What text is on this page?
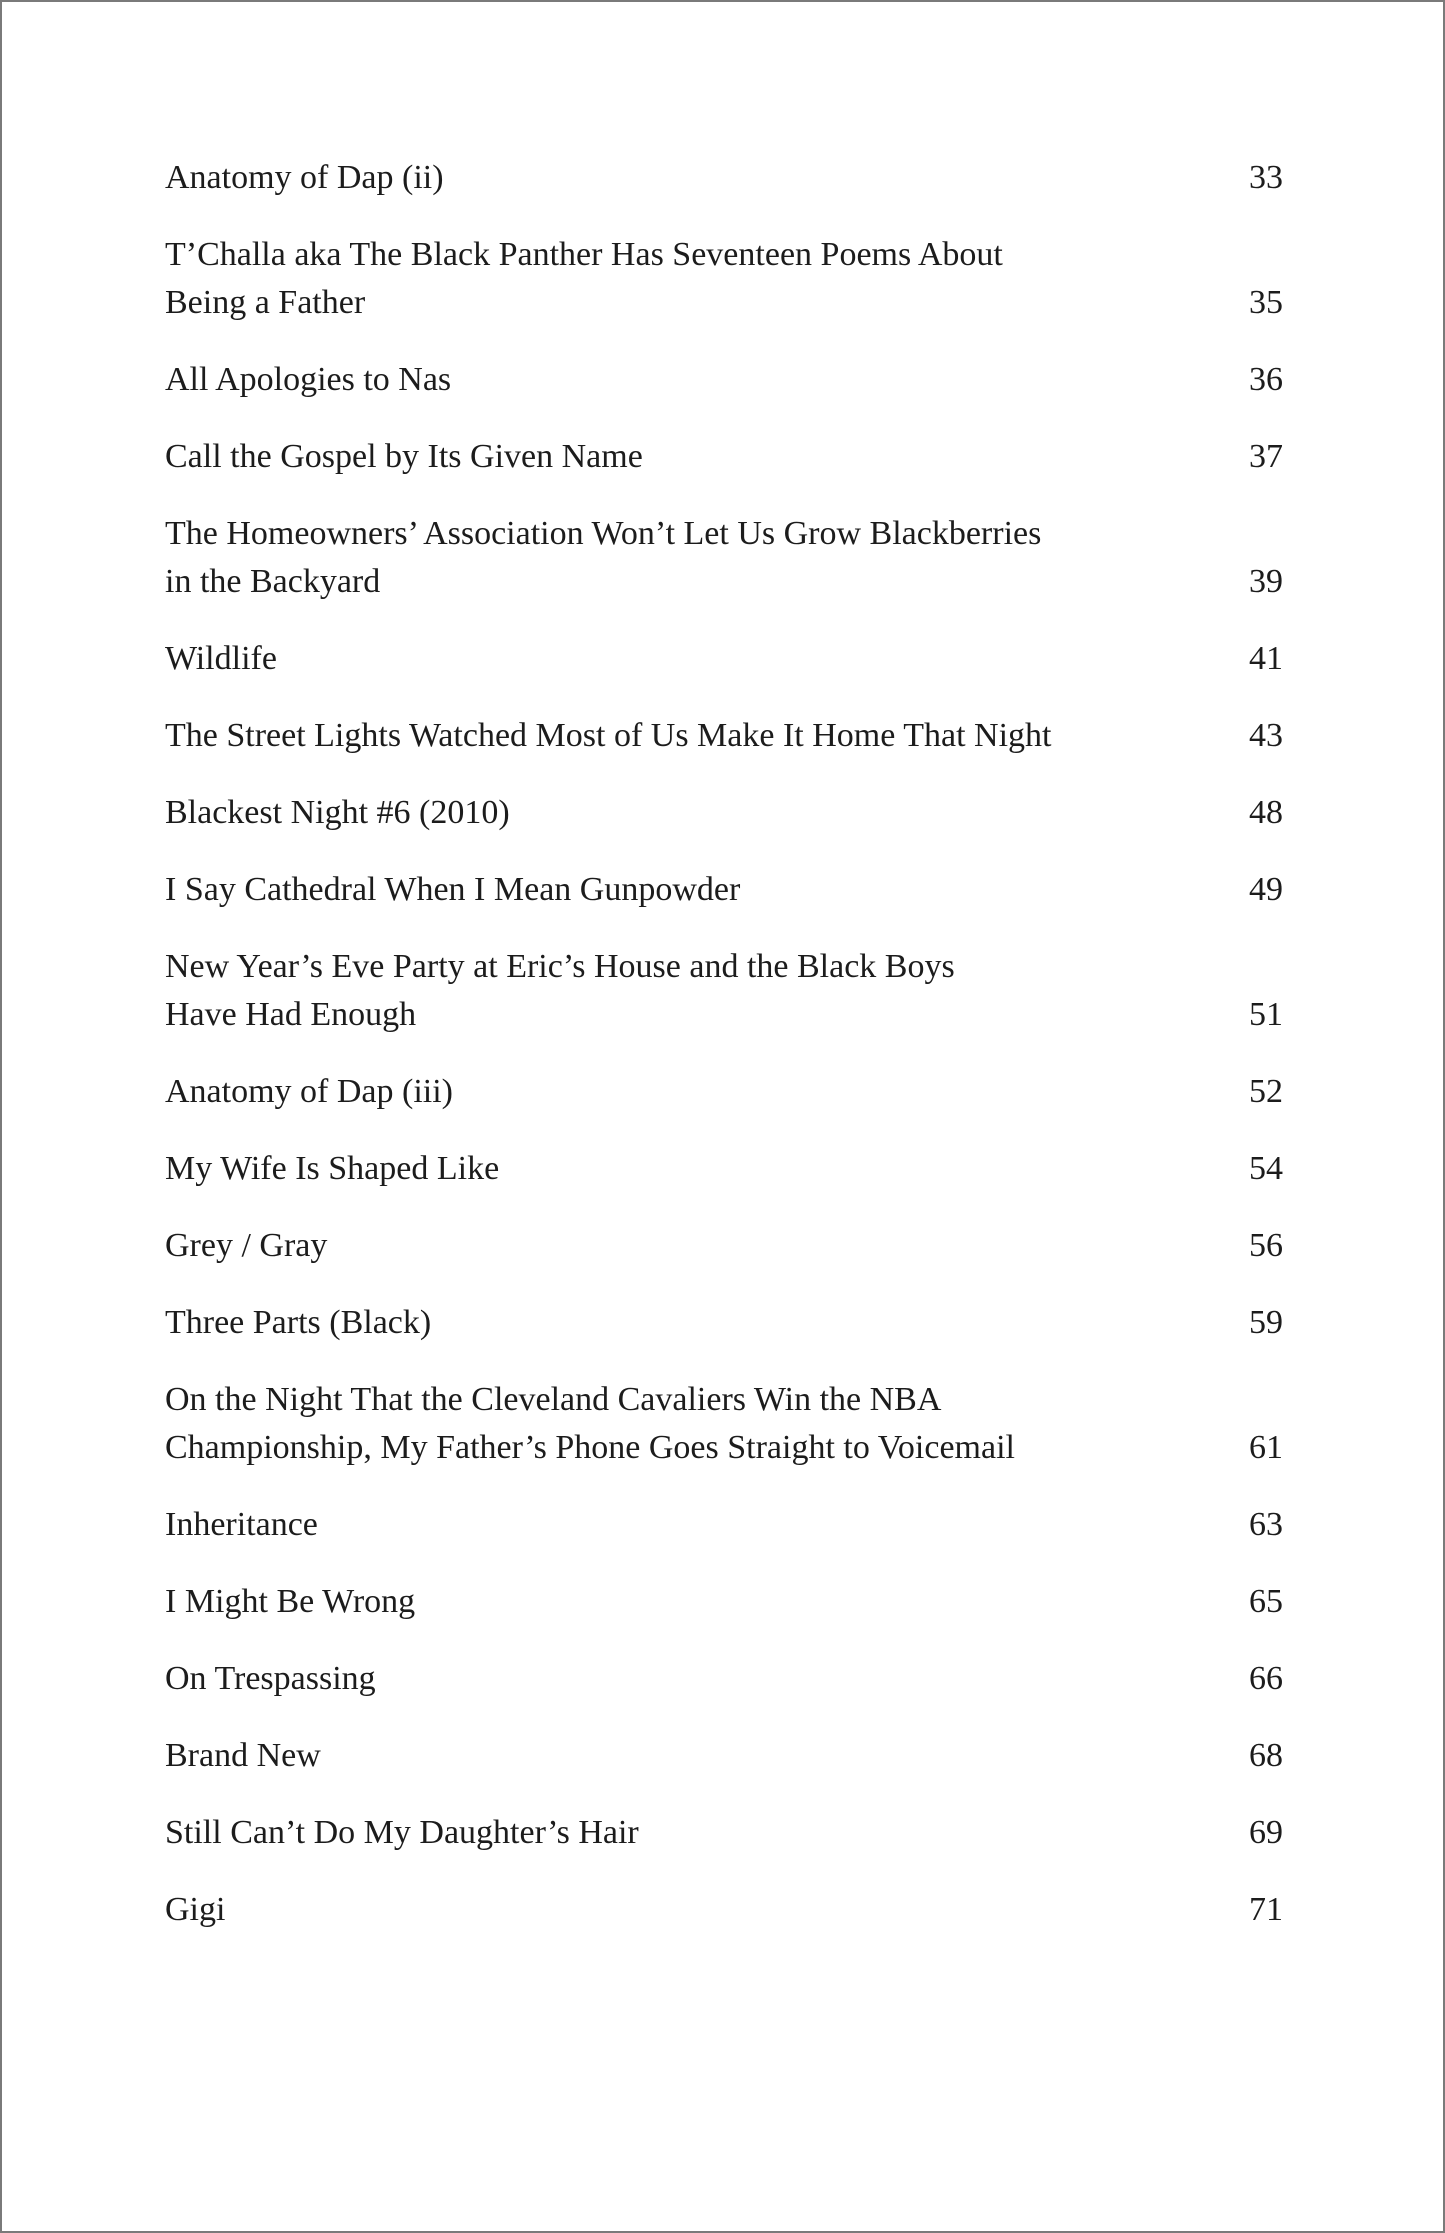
Anatomy of Dap (ii)	33
T’Challa aka The Black Panther Has Seventeen Poems About
Being a Father	35
All Apologies to Nas	36
Call the Gospel by Its Given Name	37
The Homeowners’ Association Won’t Let Us Grow Blackberries
in the Backyard	39
Wildlife	41
The Street Lights Watched Most of Us Make It Home That Night	43
Blackest Night #6 (2010)	48
I Say Cathedral When I Mean Gunpowder	49
New Year’s Eve Party at Eric’s House and the Black Boys
Have Had Enough	51
Anatomy of Dap (iii)	52
My Wife Is Shaped Like	54
Grey / Gray	56
Three Parts (Black)	59
On the Night That the Cleveland Cavaliers Win the NBA
Championship, My Father’s Phone Goes Straight to Voicemail	61
Inheritance	63
I Might Be Wrong	65
On Trespassing	66
Brand New	68
Still Can’t Do My Daughter’s Hair	69
Gigi	71
